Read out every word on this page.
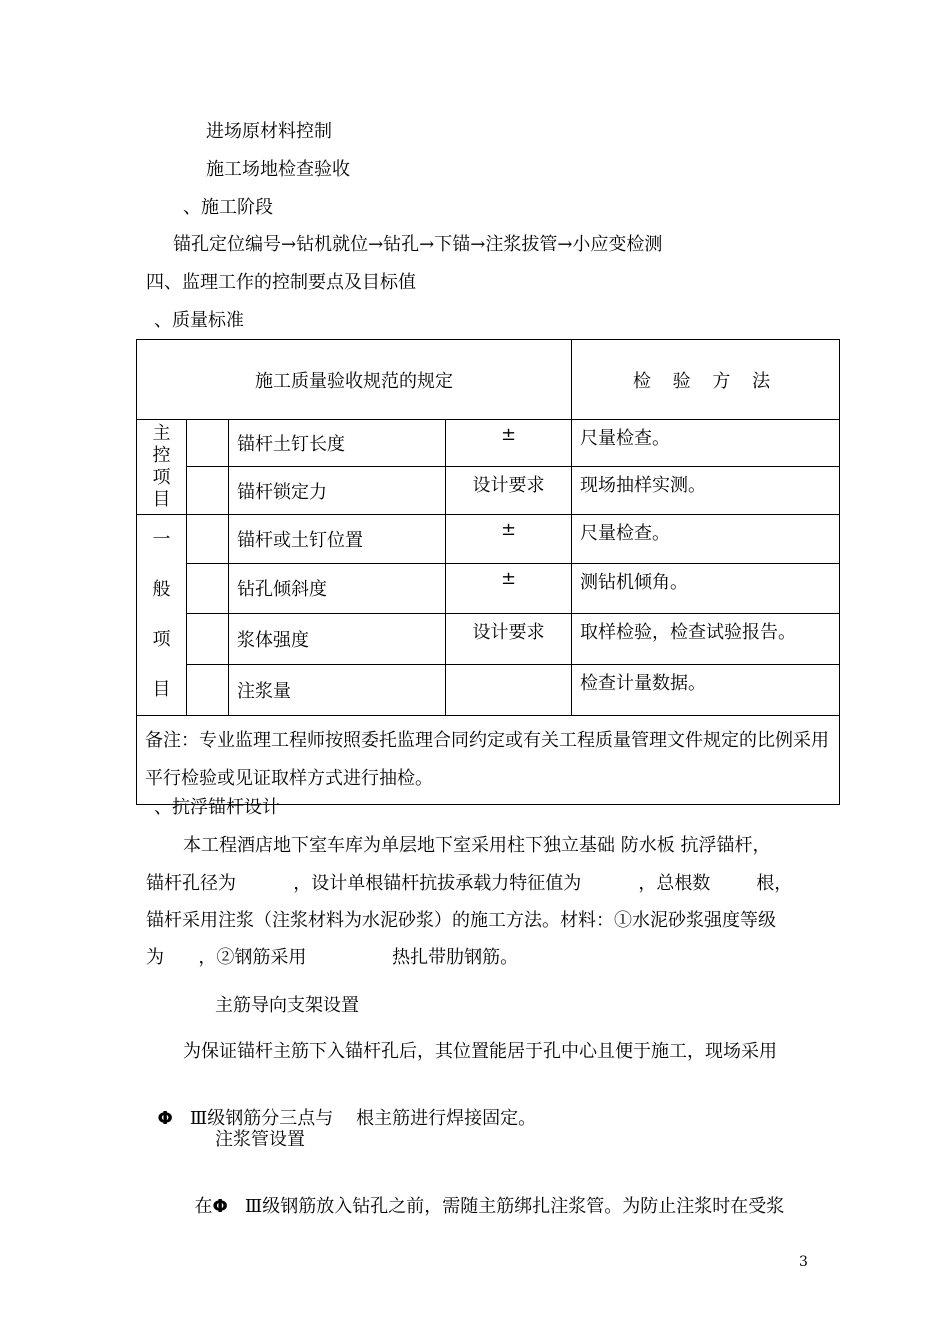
进场原材料控制
施工场地检查验收
、施工阶段
锚孔定位编号→钻机就位→钻孔→下锚→注浆拔管→小应变检测
四、监理工作的控制要点及目标值
、质量标准
施工质量验收规范的规定				检 验 方 法
主控项目		锚杆土钉长度	±	尺量检查。
		锚杆锁定力	设计要求	现场抽样实测。
一般项目		锚杆或土钉位置	±	尺量检查。
		钻孔倾斜度	±	测钻机倾角。
		浆体强度	设计要求	取样检验，检查试验报告。
		注浆量		检查计量数据。
备注：专业监理工程师按照委托监理合同约定或有关工程质量管理文件规定的比例采用平行检验或见证取样方式进行抽检。				
、抗浮锚杆设计
本工程酒店地下室车库为单层地下室采用柱下独立基础 防水板 抗浮锚杆，
锚杆孔径为          ，设计单根锚杆抗拔承载力特征值为          ，总根数        根，
锚杆采用注浆（注浆材料为水泥砂浆）的施工方法。材料：①水泥砂浆强度等级
为      ，②钢筋采用               热扎带肋钢筋。
主筋导向支架设置
为保证锚杆主筋下入锚杆孔后，其位置能居于孔中心且便于施工，现场采用

Φ   Ⅲ级钢筋分三点与    根主筋进行焊接固定。

注浆管设置

在Φ   Ⅲ级钢筋放入钻孔之前，需随主筋绑扎注浆管。为防止注浆时在受浆

3
